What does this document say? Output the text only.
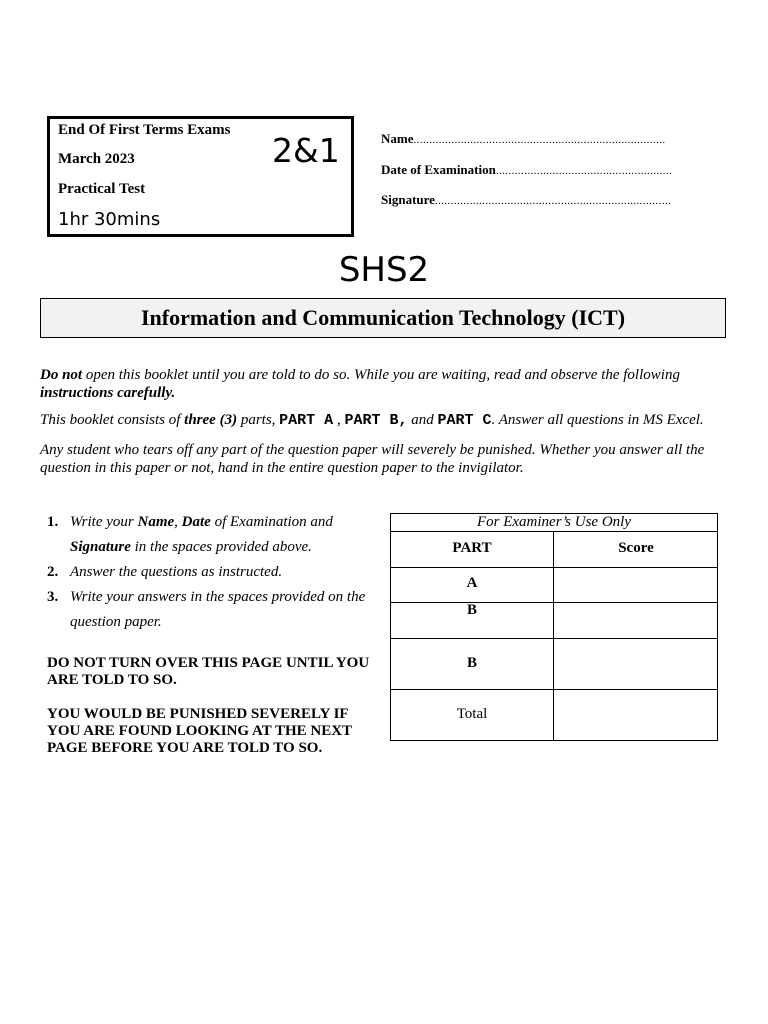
End Of First Terms Exams
March 2023
Practical Test
1hr 30mins
2&1	Name................................................................................
Date of Examination........................................................
Signature...........................................................................
SHS2
Information and Communication Technology (ICT)
Do not open this booklet until you are told to do so. While you are waiting, read and observe the following instructions carefully.
This booklet consists of three (3) parts, PART A , PART B, and PART C. Answer all questions in MS Excel.
Any student who tears off any part of the question paper will severely be punished. Whether you answer all the question in this paper or not, hand in the entire question paper to the invigilator.
1. Write your Name, Date of Examination and Signature in the spaces provided above.
2. Answer the questions as instructed.
3. Write your answers in the spaces provided on the question paper.
DO NOT TURN OVER THIS PAGE UNTIL YOU ARE TOLD TO SO.
YOU WOULD BE PUNISHED SEVERELY IF YOU ARE FOUND LOOKING AT THE NEXT PAGE BEFORE YOU ARE TOLD TO SO.
For Examiner’s Use Only
PART	Score
A
B
B
Total
